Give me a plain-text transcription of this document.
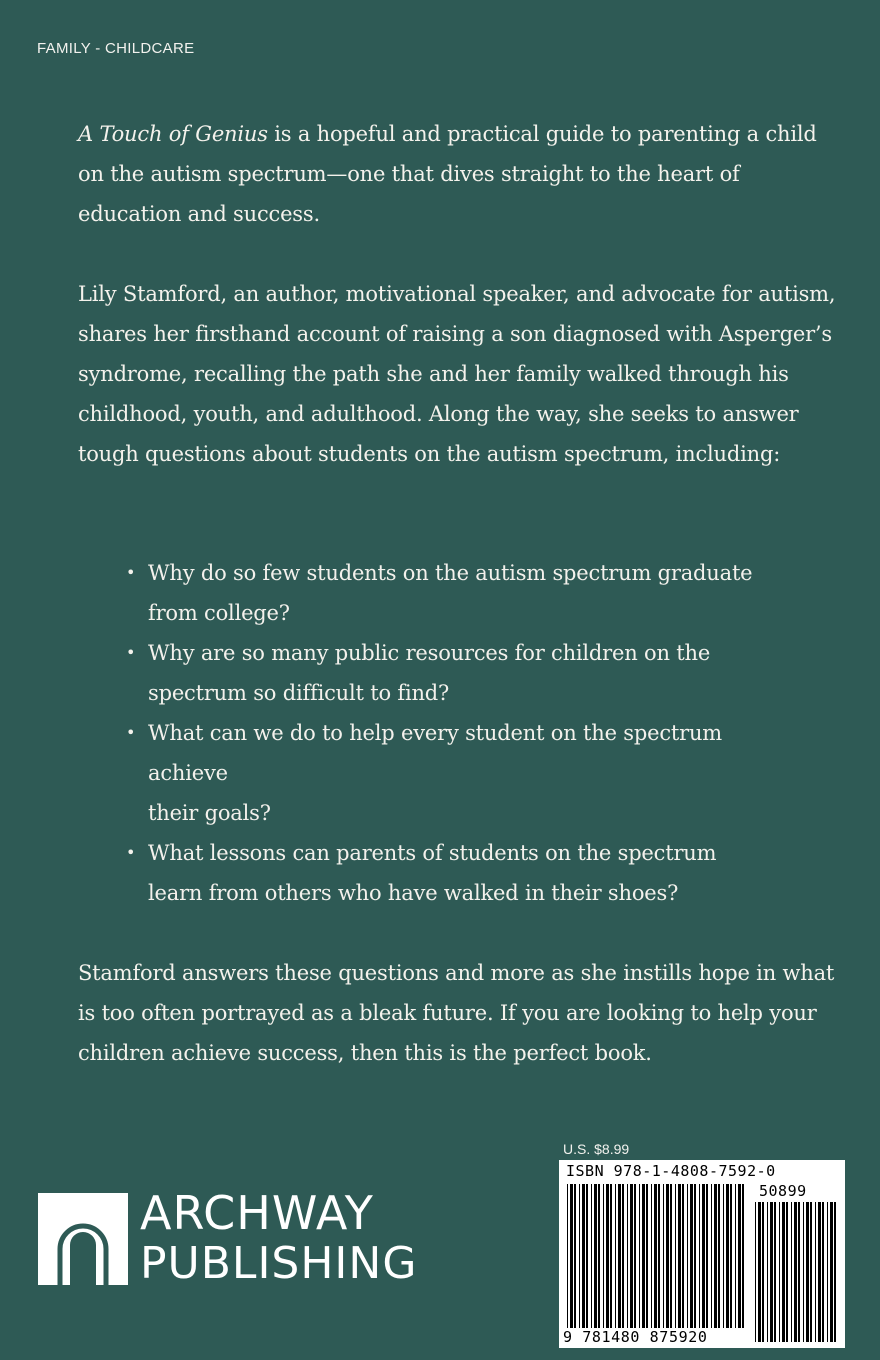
FAMILY - CHILDCARE
A Touch of Genius is a hopeful and practical guide to parenting a child on the autism spectrum—one that dives straight to the heart of education and success.
Lily Stamford, an author, motivational speaker, and advocate for autism, shares her firsthand account of raising a son diagnosed with Asperger’s syndrome, recalling the path she and her family walked through his childhood, youth, and adulthood. Along the way, she seeks to answer tough questions about students on the autism spectrum, including:
• Why do so few students on the autism spectrum graduate
from college?
• Why are so many public resources for children on the
spectrum so difficult to find?
• What can we do to help every student on the spectrum
achieve
their goals?
• What lessons can parents of students on the spectrum
learn from others who have walked in their shoes?
Stamford answers these questions and more as she instills hope in what is too often portrayed as a bleak future. If you are looking to help your children achieve success, then this is the perfect book.
ARCHWAY
PUBLISHING
U.S. $8.99
ISBN 978-1-4808-7592-0
50899
9 781480 875920
